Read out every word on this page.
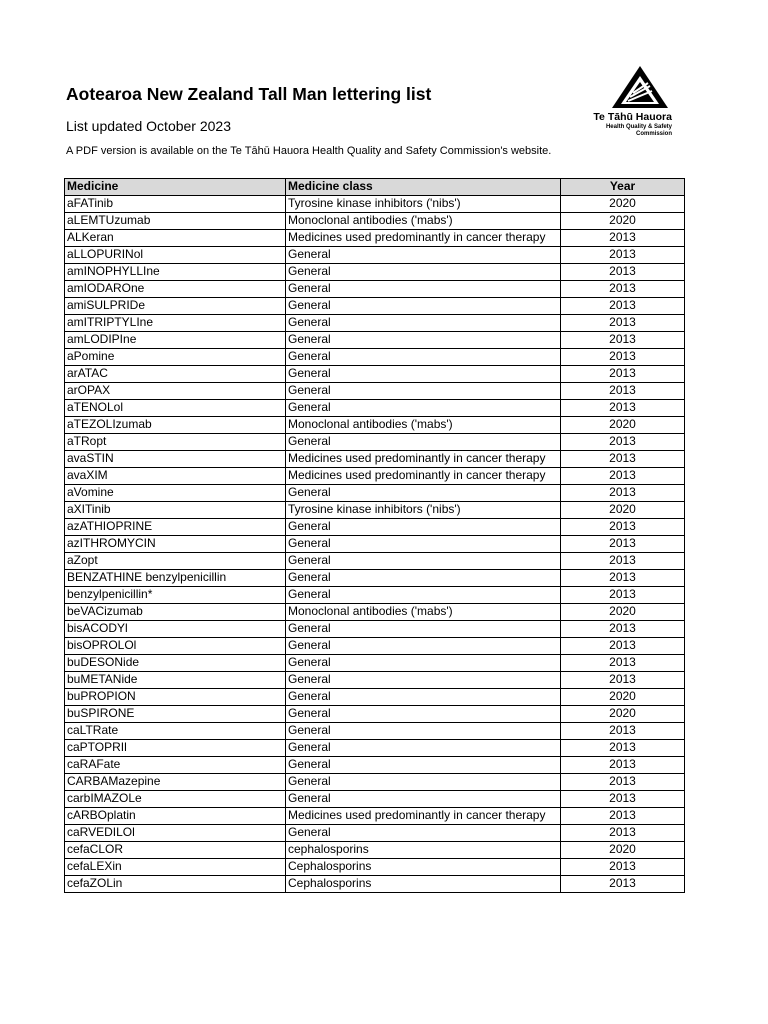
Aotearoa New Zealand Tall Man lettering list
List updated October 2023
A PDF version is available on the Te Tāhū Hauora Health Quality and Safety Commission's website.
Te Tāhū Hauora
Health Quality & Safety Commission
Medicine	Medicine class	Year
aFATinib	Tyrosine kinase inhibitors ('nibs')	2020
aLEMTUzumab	Monoclonal antibodies ('mabs')	2020
ALKeran	Medicines used predominantly in cancer therapy	2013
aLLOPURINol	General	2013
amINOPHYLLIne	General	2013
amIODAROne	General	2013
amiSULPRIDe	General	2013
amITRIPTYLIne	General	2013
amLODIPIne	General	2013
aPomine	General	2013
arATAC	General	2013
arOPAX	General	2013
aTENOLol	General	2013
aTEZOLIzumab	Monoclonal antibodies ('mabs')	2020
aTRopt	General	2013
avaSTIN	Medicines used predominantly in cancer therapy	2013
avaXIM	Medicines used predominantly in cancer therapy	2013
aVomine	General	2013
aXITinib	Tyrosine kinase inhibitors ('nibs')	2020
azATHIOPRINE	General	2013
azITHROMYCIN	General	2013
aZopt	General	2013
BENZATHINE benzylpenicillin	General	2013
benzylpenicillin*	General	2013
beVACizumab	Monoclonal antibodies ('mabs')	2020
bisACODYl	General	2013
bisOPROLOl	General	2013
buDESONide	General	2013
buMETANide	General	2013
buPROPION	General	2020
buSPIRONE	General	2020
caLTRate	General	2013
caPTOPRIl	General	2013
caRAFate	General	2013
CARBAMazepine	General	2013
carbIMAZOLe	General	2013
cARBOplatin	Medicines used predominantly in cancer therapy	2013
caRVEDILOl	General	2013
cefaCLOR	cephalosporins	2020
cefaLEXin	Cephalosporins	2013
cefaZOLin	Cephalosporins	2013
